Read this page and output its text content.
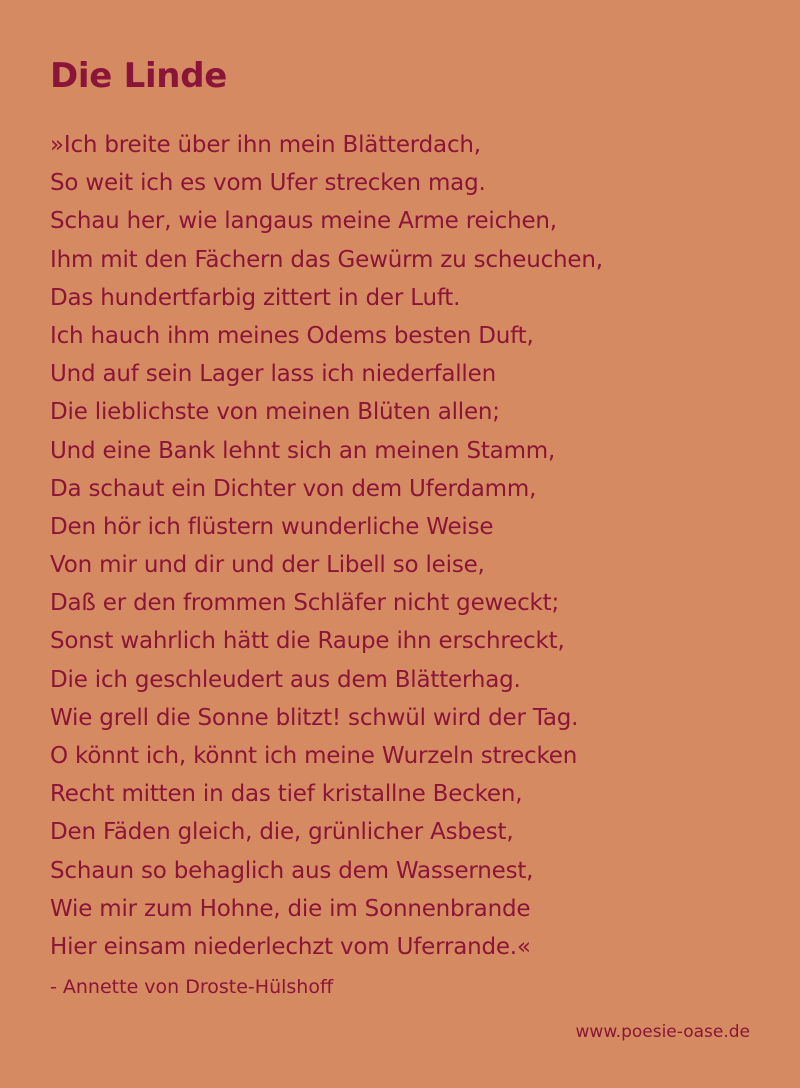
Die Linde
»Ich breite über ihn mein Blätterdach,
So weit ich es vom Ufer strecken mag.
Schau her, wie langaus meine Arme reichen,
Ihm mit den Fächern das Gewürm zu scheuchen,
Das hundertfarbig zittert in der Luft.
Ich hauch ihm meines Odems besten Duft,
Und auf sein Lager lass ich niederfallen
Die lieblichste von meinen Blüten allen;
Und eine Bank lehnt sich an meinen Stamm,
Da schaut ein Dichter von dem Uferdamm,
Den hör ich flüstern wunderliche Weise
Von mir und dir und der Libell so leise,
Daß er den frommen Schläfer nicht geweckt;
Sonst wahrlich hätt die Raupe ihn erschreckt,
Die ich geschleudert aus dem Blätterhag.
Wie grell die Sonne blitzt! schwül wird der Tag.
O könnt ich, könnt ich meine Wurzeln strecken
Recht mitten in das tief kristallne Becken,
Den Fäden gleich, die, grünlicher Asbest,
Schaun so behaglich aus dem Wassernest,
Wie mir zum Hohne, die im Sonnenbrande
Hier einsam niederlechzt vom Uferrande.«
- Annette von Droste-Hülshoff
www.poesie-oase.de
